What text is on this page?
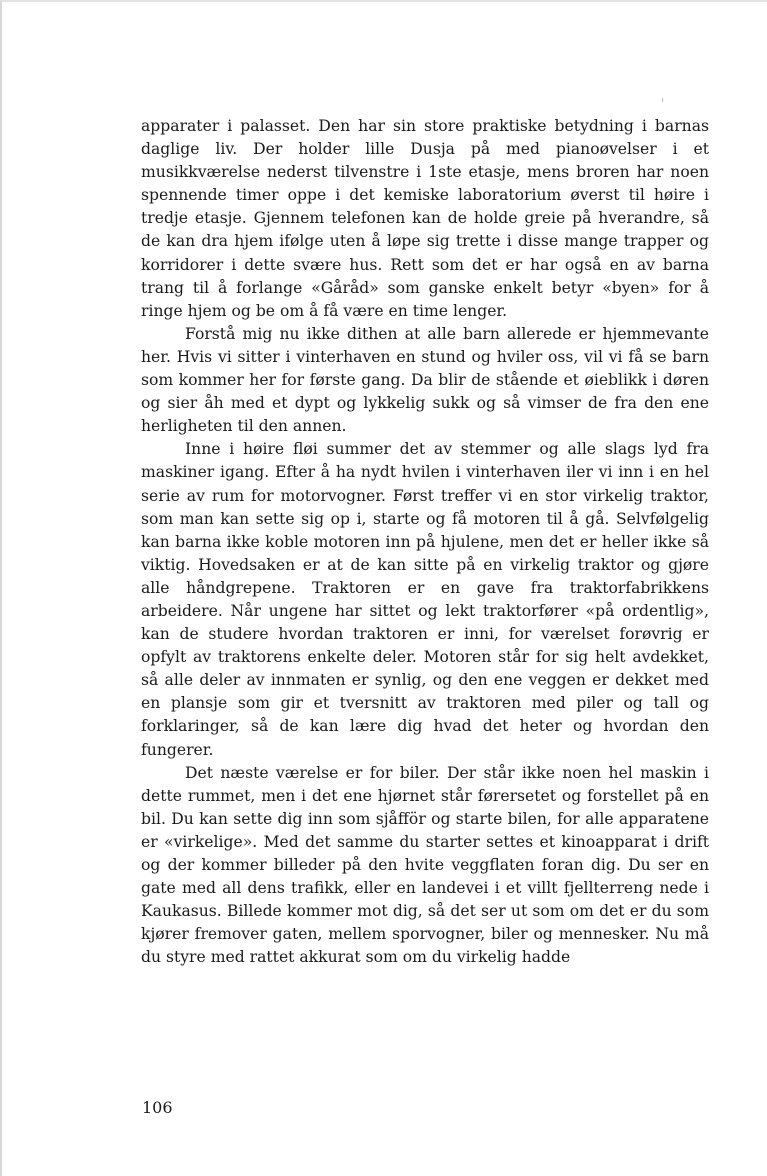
apparater i palasset. Den har sin store praktiske betydning i barnas daglige liv. Der holder lille Dusja på med pianoøvelser i et musikkværelse nederst tilvenstre i 1ste etasje, mens broren har noen spennende timer oppe i det kemiske laboratorium øverst til høire i tredje etasje. Gjennem telefonen kan de holde greie på hverandre, så de kan dra hjem ifølge uten å løpe sig trette i disse mange trapper og korridorer i dette svære hus. Rett som det er har også en av barna trang til å forlange «Gåråd» som ganske enkelt betyr «byen» for å ringe hjem og be om å få være en time lenger.

Forstå mig nu ikke dithen at alle barn allerede er hjemmevante her. Hvis vi sitter i vinterhaven en stund og hviler oss, vil vi få se barn som kommer her for første gang. Da blir de stående et øieblikk i døren og sier åh med et dypt og lykkelig sukk og så vimser de fra den ene herligheten til den annen.

Inne i høire fløi summer det av stemmer og alle slags lyd fra maskiner igang. Efter å ha nydt hvilen i vinterhaven iler vi inn i en hel serie av rum for motorvogner. Først treffer vi en stor virkelig traktor, som man kan sette sig op i, starte og få motoren til å gå. Selvfølgelig kan barna ikke koble motoren inn på hjulene, men det er heller ikke så viktig. Hovedsaken er at de kan sitte på en virkelig traktor og gjøre alle håndgrepene. Traktoren er en gave fra traktorfabrikkens arbeidere. Når ungene har sittet og lekt traktorfører «på ordentlig», kan de studere hvordan traktoren er inni, for værelset forøvrig er opfylt av traktorens enkelte deler. Motoren står for sig helt avdekket, så alle deler av innmaten er synlig, og den ene veggen er dekket med en plansje som gir et tversnitt av traktoren med piler og tall og forklaringer, så de kan lære dig hvad det heter og hvordan den fungerer.

Det næste værelse er for biler. Der står ikke noen hel maskin i dette rummet, men i det ene hjørnet står førersetet og forstellet på en bil. Du kan sette dig inn som sjåfför og starte bilen, for alle apparatene er «virkelige». Med det samme du starter settes et kinoapparat i drift og der kommer billeder på den hvite veggflaten foran dig. Du ser en gate med all dens trafikk, eller en landevei i et villt fjellterreng nede i Kaukasus. Billede kommer mot dig, så det ser ut som om det er du som kjører fremover gaten, mellem sporvogner, biler og mennesker. Nu må du styre med rattet akkurat som om du virkelig hadde

106
